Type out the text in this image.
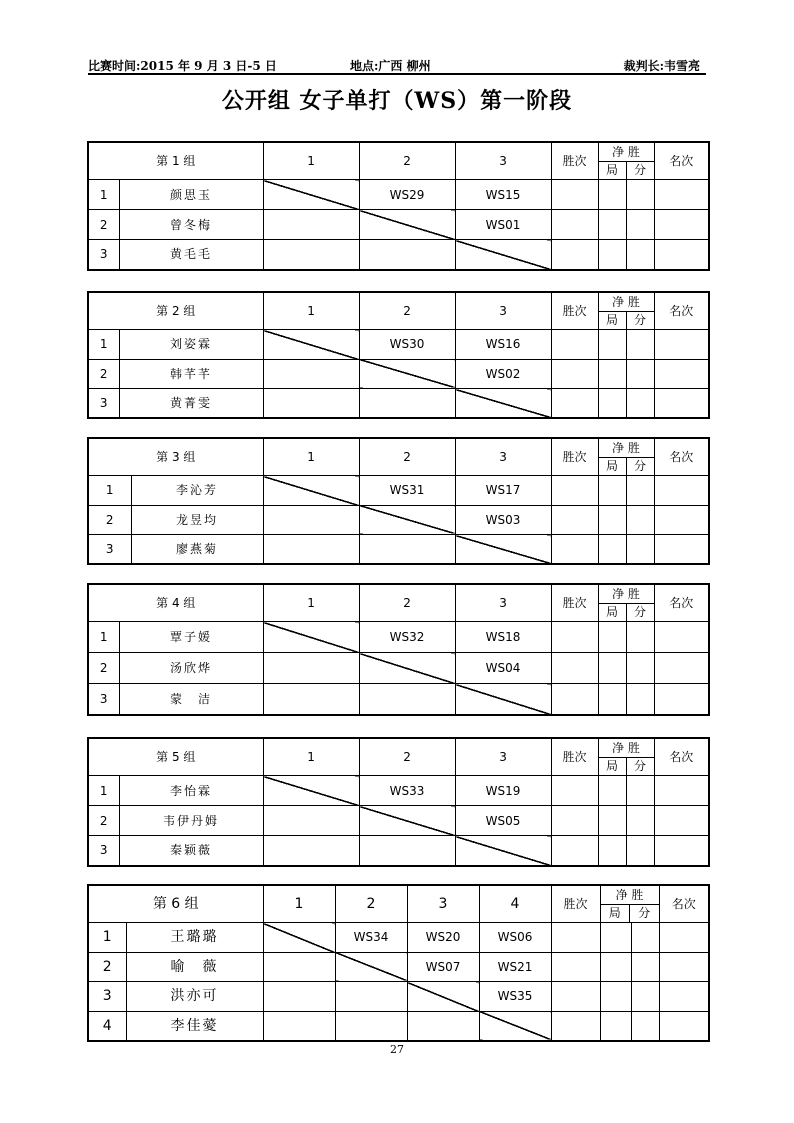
比赛时间:2015 年 9 月 3 日-5 日	地点:广西 柳州	裁判长:韦雪亮
公开组 女子单打（WS）第一阶段
第 1 组		1	2	3	胜次	净 胜
局 分		名次
1	颜思玉		WS29	WS15				
2	曾冬梅			WS01				
3	黄毛毛							
第 2 组		1	2	3	胜次	净 胜
局 分		名次
1	刘姿霖		WS30	WS16				
2	韩芊芊			WS02				
3	黄菁雯							
第 3 组		1	2	3	胜次	净 胜
局 分		名次
1	李沁芳		WS31	WS17				
2	龙昱均			WS03				
3	廖燕菊							
第 4 组		1	2	3	胜次	净 胜
局 分		名次
1	覃子媛		WS32	WS18				
2	汤欣烨			WS04				
3	蒙　洁							
第 5 组		1	2	3	胜次	净 胜
局 分		名次
1	李怡霖		WS33	WS19				
2	韦伊丹姆			WS05				
3	秦颖薇							
第 6 组		1	2	3	4	胜次	净 胜
局 分		名次
1	王璐璐		WS34	WS20	WS06				
2	喻　薇			WS07	WS21				
3	洪亦可				WS35				
4	李佳薆								
27
